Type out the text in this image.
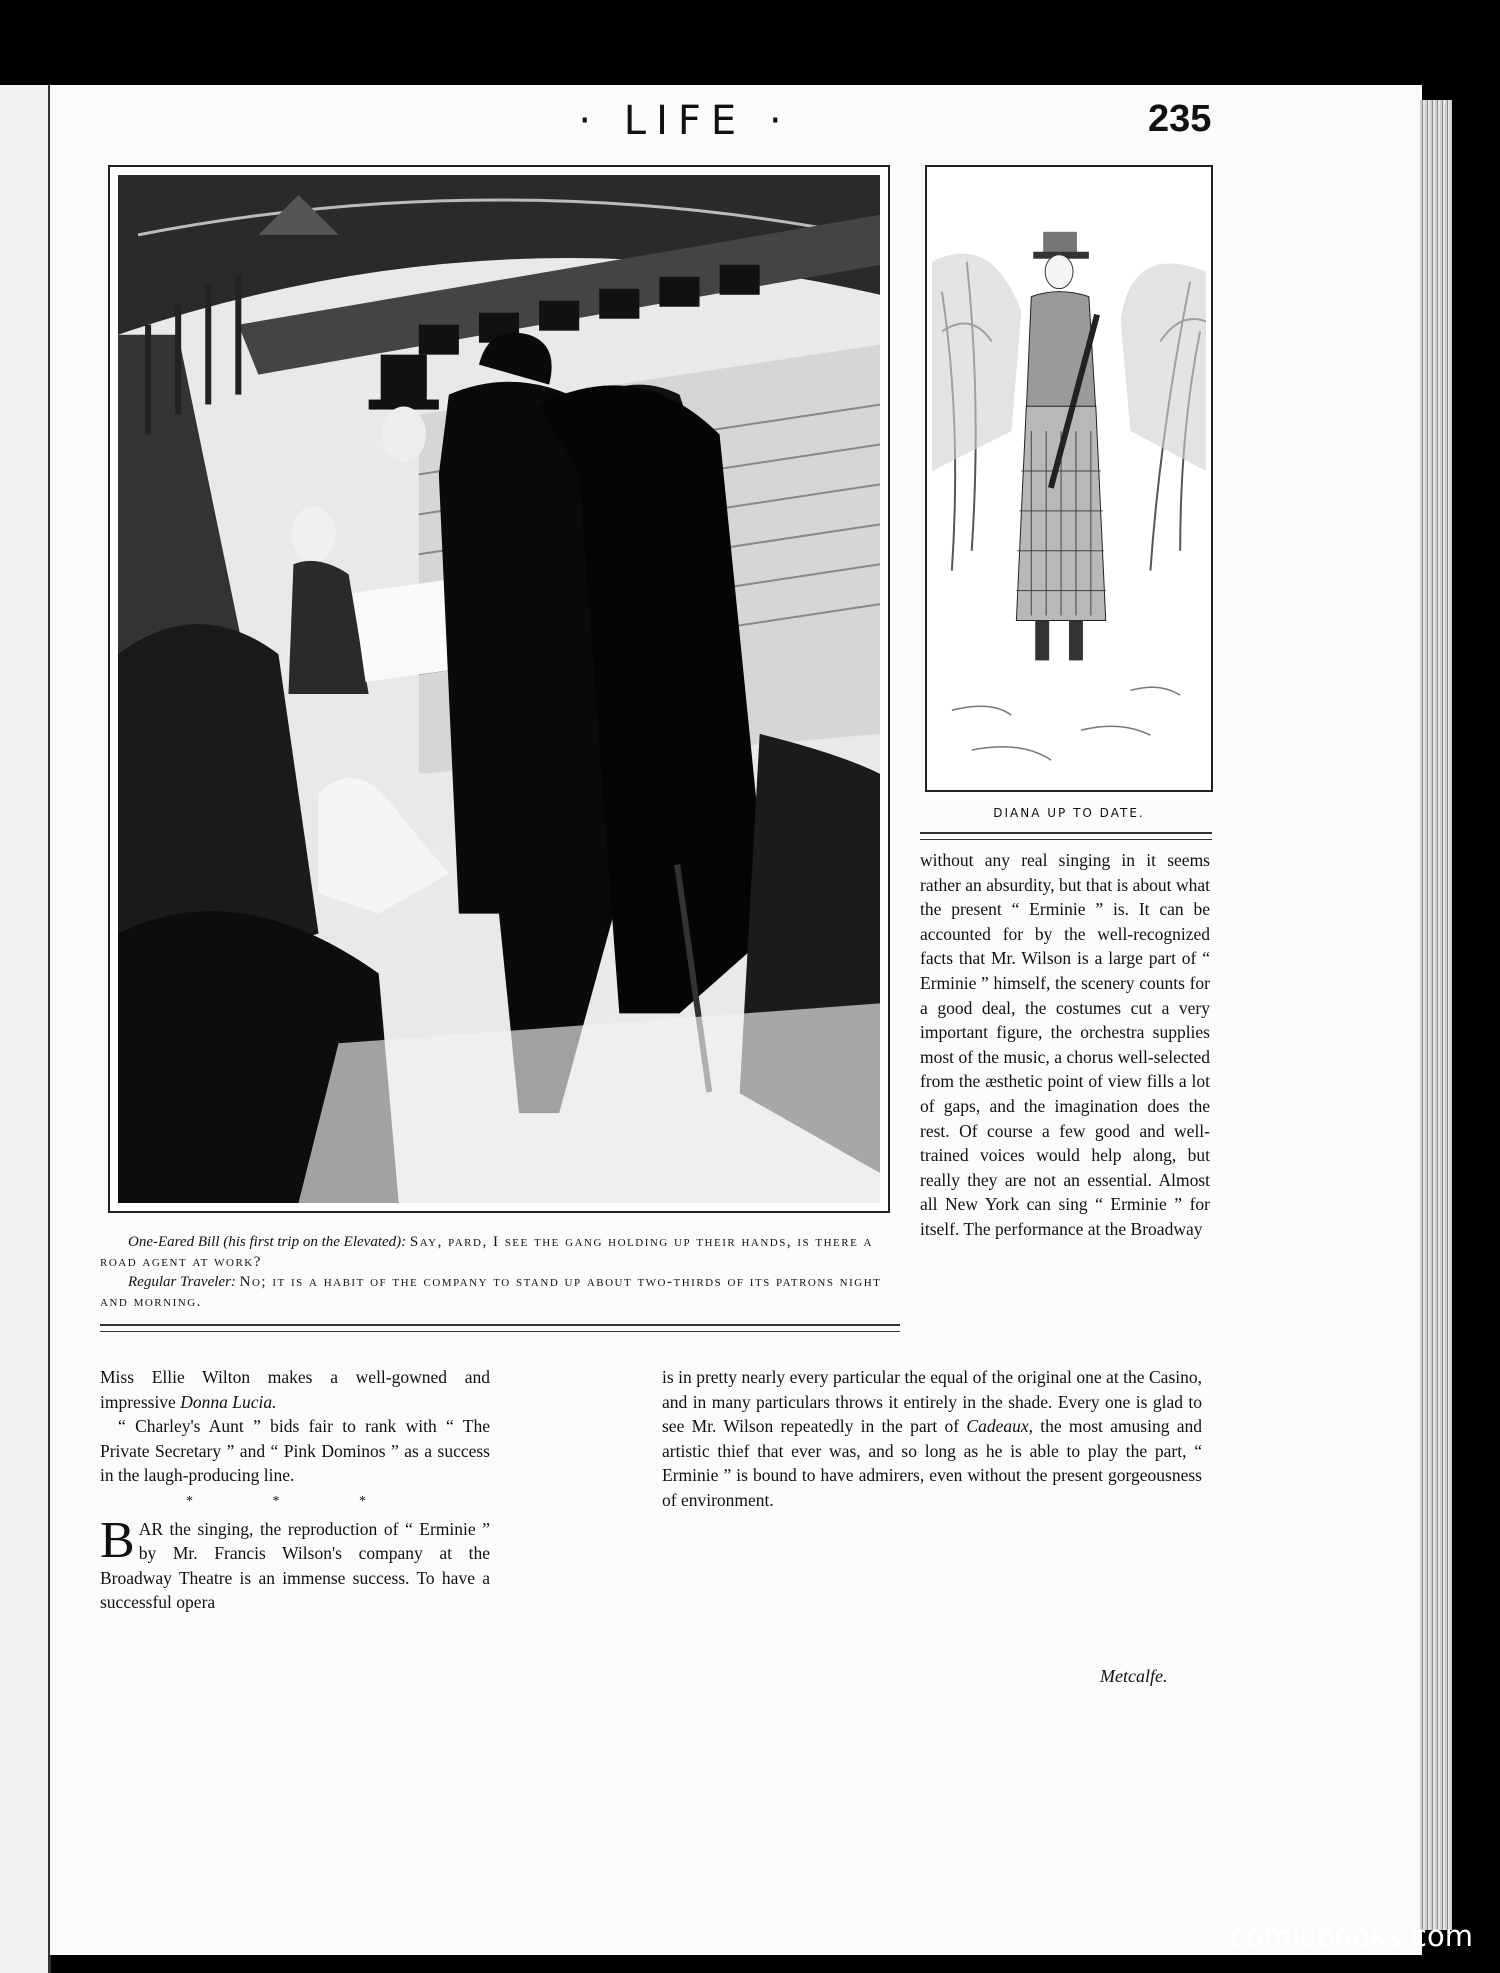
· LIFE ·	235

One-Eared Bill (his first trip on the Elevated): Say, pard, I see the gang holding up their hands, is there a road agent at work?

Regular Traveler: No; it is a habit of the company to stand up about two-thirds of its patrons night and morning.

DIANA UP TO DATE.

without any real singing in it seems rather an absurdity, but that is about what the present “ Erminie ” is. It can be accounted for by the well-recognized facts that Mr. Wilson is a large part of “ Erminie ” himself, the scenery counts for a good deal, the costumes cut a very important figure, the orchestra supplies most of the music, a chorus well-selected from the æsthetic point of view fills a lot of gaps, and the imagination does the rest. Of course a few good and well-trained voices would help along, but really they are not an essential. Almost all New York can sing “ Erminie ” for itself. The performance at the Broadway

Miss Ellie Wilton makes a well-gowned and impressive Donna Lucia.

“ Charley's Aunt ” bids fair to rank with “ The Private Secretary ” and “ Pink Dominos ” as a success in the laugh-producing line.

* * *

BAR the singing, the reproduction of “ Erminie ” by Mr. Francis Wilson's company at the Broadway Theatre is an immense success. To have a successful opera

is in pretty nearly every particular the equal of the original one at the Casino, and in many particulars throws it entirely in the shade. Every one is glad to see Mr. Wilson repeatedly in the part of Cadeaux, the most amusing and artistic thief that ever was, and so long as he is able to play the part, “ Erminie ” is bound to have admirers, even without the present gorgeousness of environment.

Metcalfe.
comicbooks.com
